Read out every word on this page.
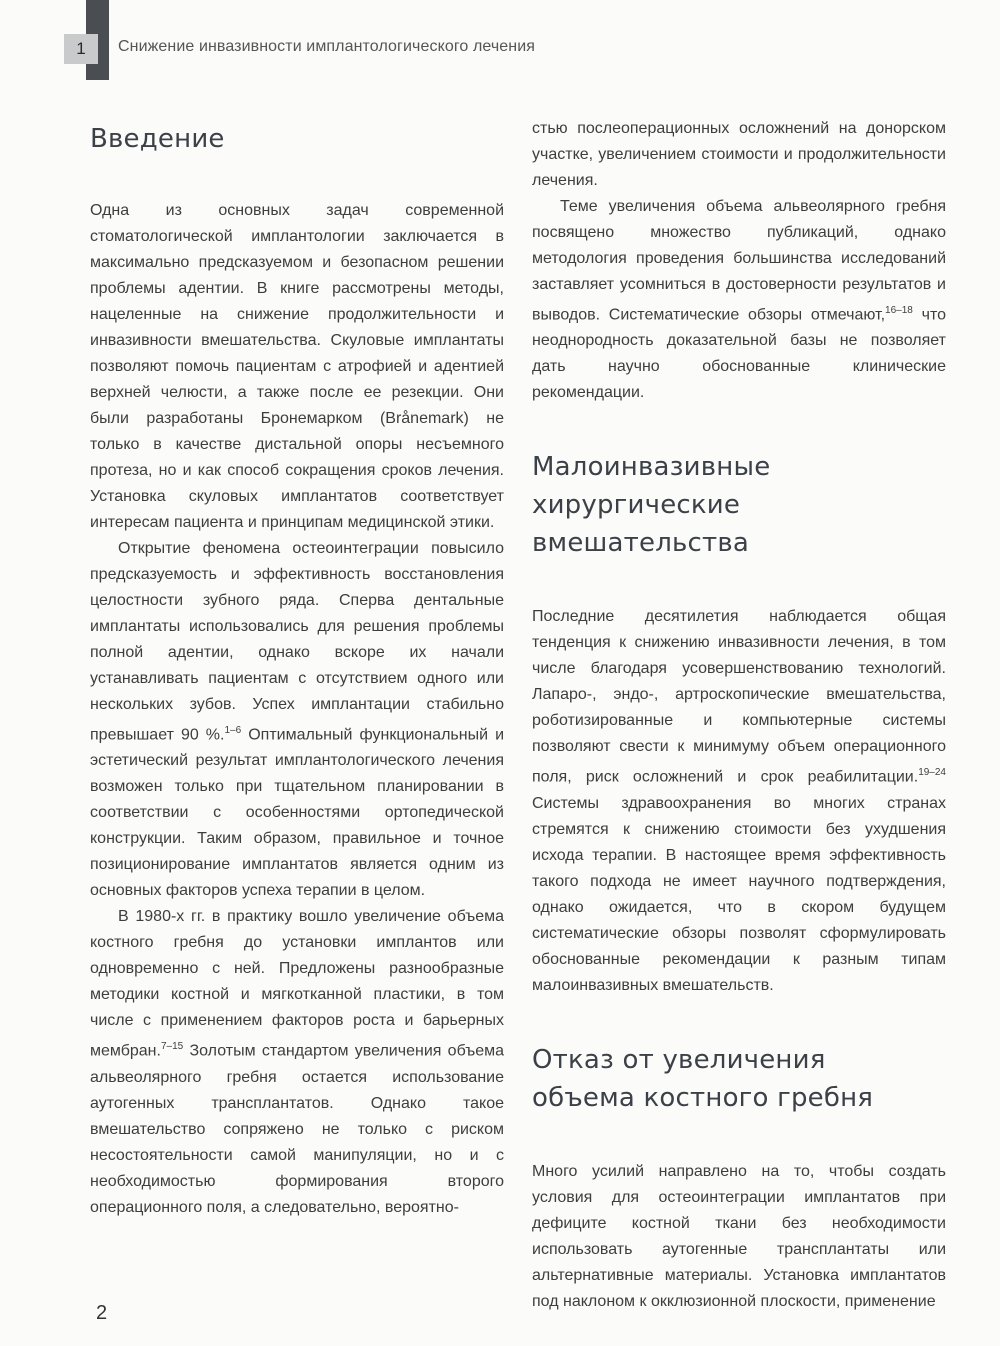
1	Снижение инвазивности имплантологического лечения
Введение

Одна из основных задач современной стоматологической имплантологии заключается в максимально предсказуемом и безопасном решении проблемы адентии. В книге рассмотрены методы, нацеленные на снижение продолжительности и инвазивности вмешательства. Скуловые имплантаты позволяют помочь пациентам с атрофией и адентией верхней челюсти, а также после ее резекции. Они были разработаны Бронемарком (Brånemark) не только в качестве дистальной опоры несъемного протеза, но и как способ сокращения сроков лечения. Установка скуловых имплантатов соответствует интересам пациента и принципам медицинской этики.

Открытие феномена остеоинтеграции повысило предсказуемость и эффективность восстановления целостности зубного ряда. Сперва дентальные имплантаты использовались для решения проблемы полной адентии, однако вскоре их начали устанавливать пациентам с отсутствием одного или нескольких зубов. Успех имплантации стабильно превышает 90 %.$^{1-6}$ Оптимальный функциональный и эстетический результат имплантологического лечения возможен только при тщательном планировании в соответствии с особенностями ортопедической конструкции. Таким образом, правильное и точное позиционирование имплантатов является одним из основных факторов успеха терапии в целом.

В 1980-х гг. в практику вошло увеличение объема костного гребня до установки имплантов или одновременно с ней. Предложены разнообразные методики костной и мягкотканной пластики, в том числе с применением факторов роста и барьерных мембран.$^{7-15}$ Золотым стандартом увеличения объема альвеолярного гребня остается использование аутогенных трансплантатов. Однако такое вмешательство сопряжено не только с риском несостоятельности самой манипуляции, но и с необходимостью формирования второго операционного поля, а следовательно, вероятно-

стью послеоперационных осложнений на донорском участке, увеличением стоимости и продолжительности лечения.

Теме увеличения объема альвеолярного гребня посвящено множество публикаций, однако методология проведения большинства исследований заставляет усомниться в достоверности результатов и выводов. Систематические обзоры отмечают,$^{16-18}$ что неоднородность доказательной базы не позволяет дать научно обоснованные клинические рекомендации.

Малоинвазивные хирургические вмешательства

Последние десятилетия наблюдается общая тенденция к снижению инвазивности лечения, в том числе благодаря усовершенствованию технологий. Лапаро-, эндо-, артроскопические вмешательства, роботизированные и компьютерные системы позволяют свести к минимуму объем операционного поля, риск осложнений и срок реабилитации.$^{19-24}$ Системы здравоохранения во многих странах стремятся к снижению стоимости без ухудшения исхода терапии. В настоящее время эффективность такого подхода не имеет научного подтверждения, однако ожидается, что в скором будущем систематические обзоры позволят сформулировать обоснованные рекомендации к разным типам малоинвазивных вмешательств.

Отказ от увеличения объема костного гребня

Много усилий направлено на то, чтобы создать условия для остеоинтеграции имплантатов при дефиците костной ткани без необходимости использовать аутогенные трансплантаты или альтернативные материалы. Установка имплантатов под наклоном к окклюзионной плоскости, применение

2
